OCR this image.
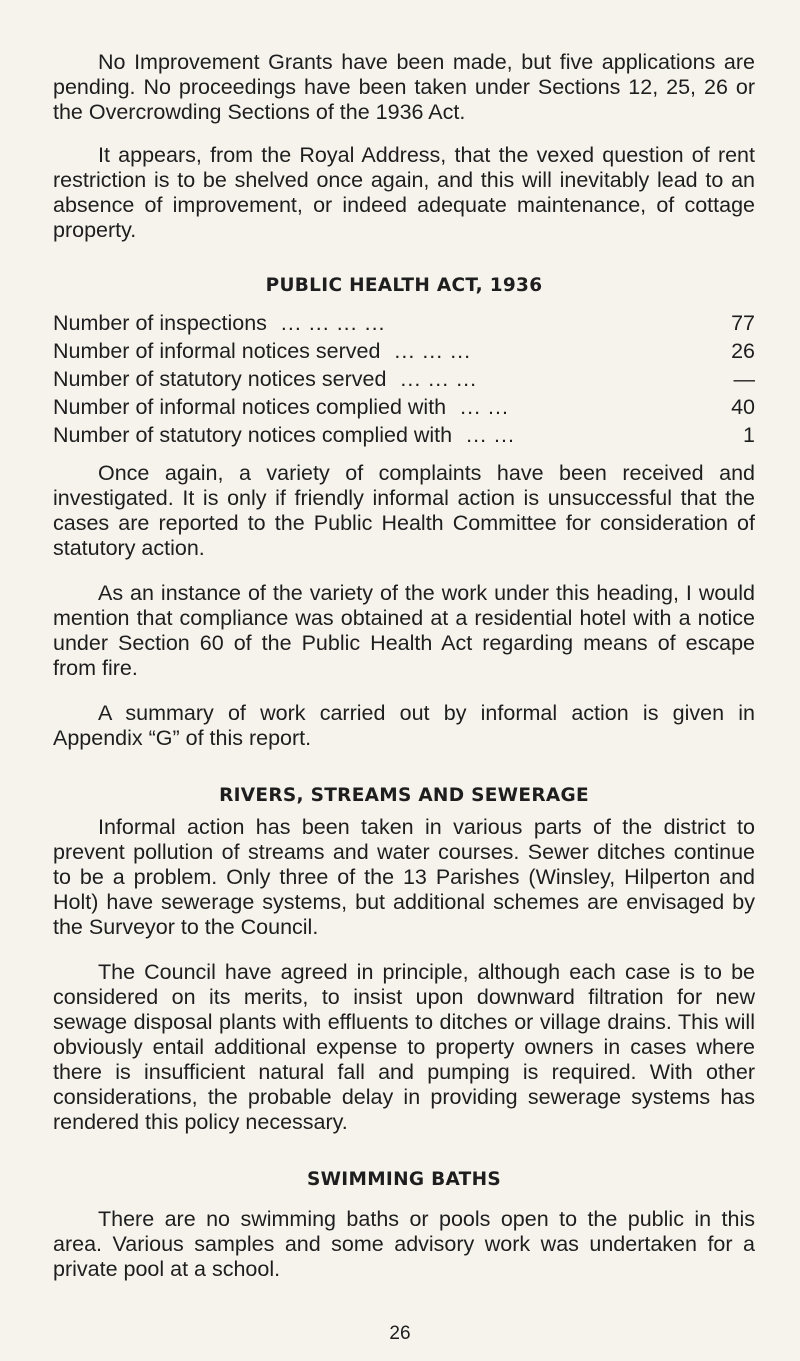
No Improvement Grants have been made, but five applications are pending. No proceedings have been taken under Sections 12, 25, 26 or the Overcrowding Sections of the 1936 Act.

It appears, from the Royal Address, that the vexed question of rent restriction is to be shelved once again, and this will inevitably lead to an absence of improvement, or indeed adequate maintenance, of cottage property.

PUBLIC HEALTH ACT, 1936
Number of inspections ... ... ... ...	77
Number of informal notices served ... ... ...	26
Number of statutory notices served ... ... ...	—
Number of informal notices complied with ... ...	40
Number of statutory notices complied with ... ...	1

Once again, a variety of complaints have been received and investigated. It is only if friendly informal action is unsuccessful that the cases are reported to the Public Health Committee for consideration of statutory action.

As an instance of the variety of the work under this heading, I would mention that compliance was obtained at a residential hotel with a notice under Section 60 of the Public Health Act regarding means of escape from fire.

A summary of work carried out by informal action is given in Appendix “G” of this report.

RIVERS, STREAMS AND SEWERAGE

Informal action has been taken in various parts of the district to prevent pollution of streams and water courses. Sewer ditches continue to be a problem. Only three of the 13 Parishes (Winsley, Hilperton and Holt) have sewerage systems, but additional schemes are envisaged by the Surveyor to the Council.

The Council have agreed in principle, although each case is to be considered on its merits, to insist upon downward filtration for new sewage disposal plants with effluents to ditches or village drains. This will obviously entail additional expense to property owners in cases where there is insufficient natural fall and pumping is required. With other considerations, the probable delay in providing sewerage systems has rendered this policy necessary.

SWIMMING BATHS

There are no swimming baths or pools open to the public in this area. Various samples and some advisory work was undertaken for a private pool at a school.

26
